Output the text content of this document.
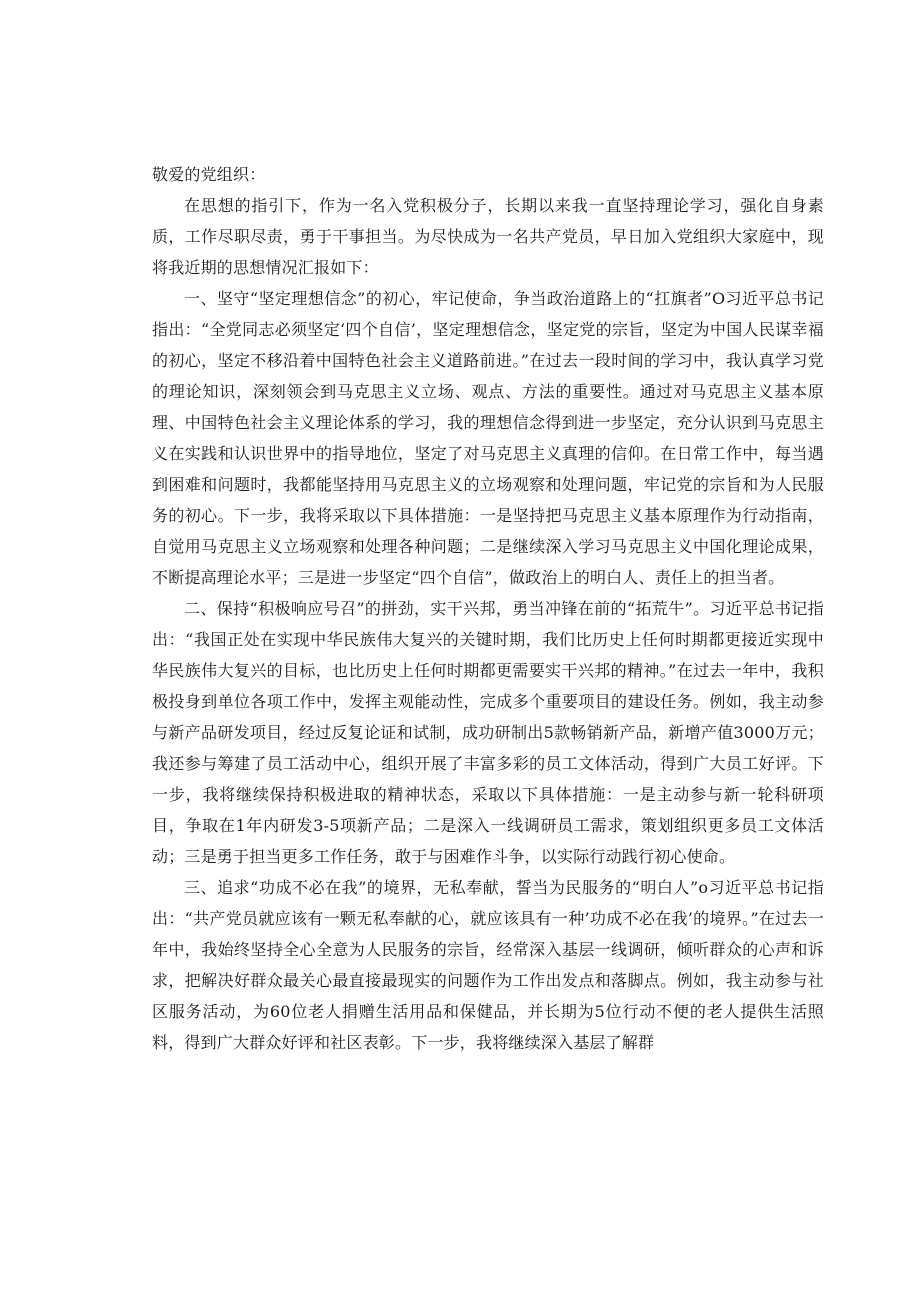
敬爱的党组织：

在思想的指引下，作为一名入党积极分子，长期以来我一直坚持理论学习，强化自身素质，工作尽职尽责，勇于干事担当。为尽快成为一名共产党员，早日加入党组织大家庭中，现将我近期的思想情况汇报如下：

一、坚守“坚定理想信念”的初心，牢记使命，争当政治道路上的“扛旗者”O习近平总书记指出：“全党同志必须坚定‘四个自信’，坚定理想信念，坚定党的宗旨，坚定为中国人民谋幸福的初心，坚定不移沿着中国特色社会主义道路前进。”在过去一段时间的学习中，我认真学习党的理论知识，深刻领会到马克思主义立场、观点、方法的重要性。通过对马克思主义基本原理、中国特色社会主义理论体系的学习，我的理想信念得到进一步坚定，充分认识到马克思主义在实践和认识世界中的指导地位，坚定了对马克思主义真理的信仰。在日常工作中，每当遇到困难和问题时，我都能坚持用马克思主义的立场观察和处理问题，牢记党的宗旨和为人民服务的初心。下一步，我将采取以下具体措施：一是坚持把马克思主义基本原理作为行动指南，自觉用马克思主义立场观察和处理各种问题；二是继续深入学习马克思主义中国化理论成果，不断提高理论水平；三是进一步坚定“四个自信”，做政治上的明白人、责任上的担当者。

二、保持“积极响应号召”的拼劲，实干兴邦，勇当冲锋在前的“拓荒牛”。习近平总书记指出：“我国正处在实现中华民族伟大复兴的关键时期，我们比历史上任何时期都更接近实现中华民族伟大复兴的目标，也比历史上任何时期都更需要实干兴邦的精神。”在过去一年中，我积极投身到单位各项工作中，发挥主观能动性，完成多个重要项目的建设任务。例如，我主动参与新产品研发项目，经过反复论证和试制，成功研制出5款畅销新产品，新增产值3000万元；我还参与筹建了员工活动中心，组织开展了丰富多彩的员工文体活动，得到广大员工好评。下一步，我将继续保持积极进取的精神状态，采取以下具体措施：一是主动参与新一轮科研项目，争取在1年内研发3-5项新产品；二是深入一线调研员工需求，策划组织更多员工文体活动；三是勇于担当更多工作任务，敢于与困难作斗争，以实际行动践行初心使命。

三、追求“功成不必在我”的境界，无私奉献，誓当为民服务的“明白人”o习近平总书记指出：“共产党员就应该有一颗无私奉献的心，就应该具有一种’功成不必在我’的境界。”在过去一年中，我始终坚持全心全意为人民服务的宗旨，经常深入基层一线调研，倾听群众的心声和诉求，把解决好群众最关心最直接最现实的问题作为工作出发点和落脚点。例如，我主动参与社区服务活动，为60位老人捐赠生活用品和保健品，并长期为5位行动不便的老人提供生活照料，得到广大群众好评和社区表彰。下一步，我将继续深入基层了解群
